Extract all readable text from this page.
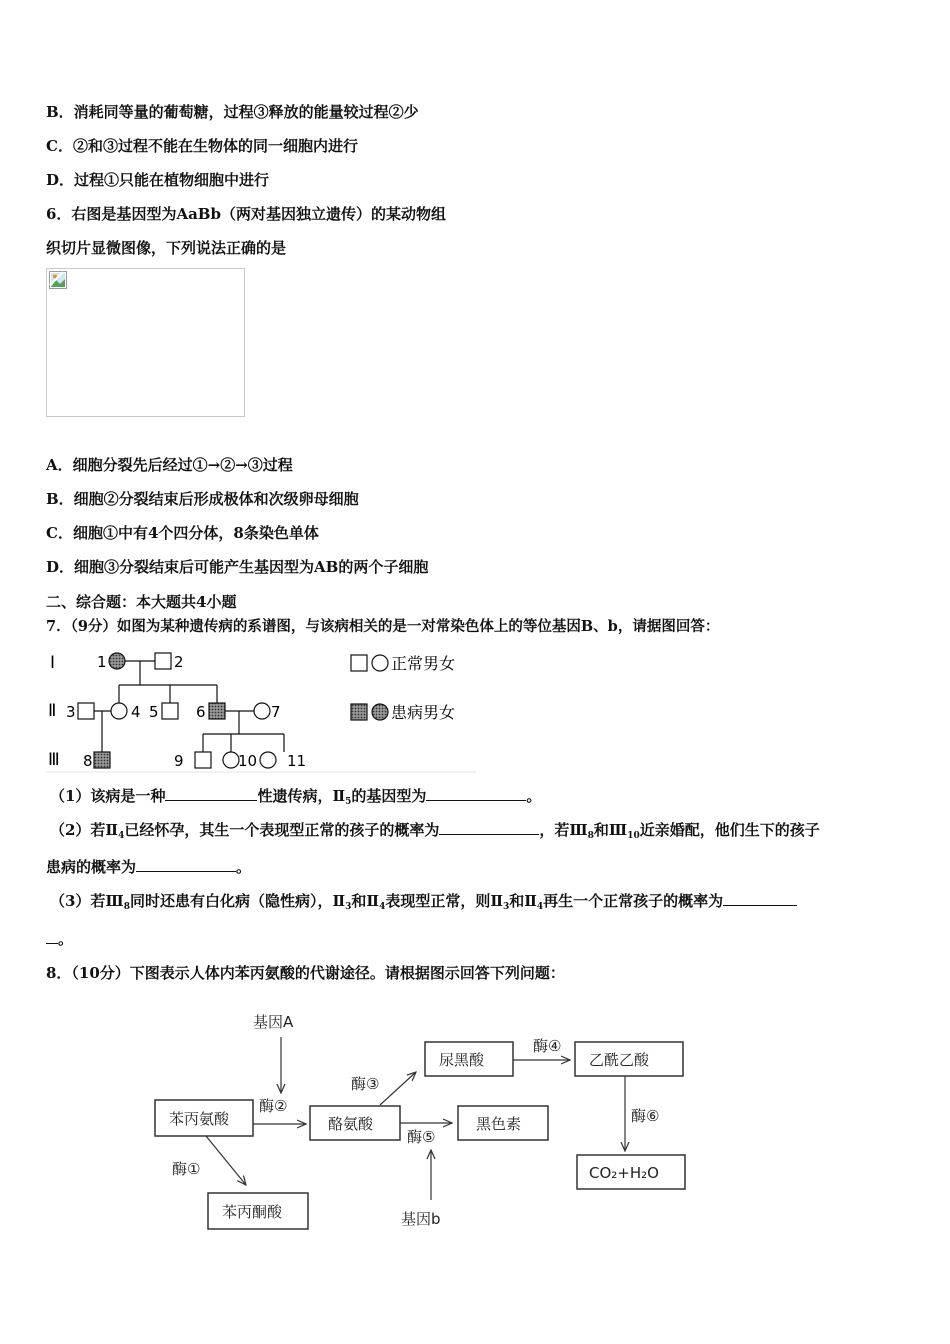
B．消耗同等量的葡萄糖，过程③释放的能量较过程②少
C．②和③过程不能在生物体的同一细胞内进行
D．过程①只能在植物细胞中进行
6．右图是基因型为AaBb（两对基因独立遗传）的某动物组
织切片显微图像，下列说法正确的是
A．细胞分裂先后经过①→②→③过程
B．细胞②分裂结束后形成极体和次级卵母细胞
C．细胞①中有4个四分体，8条染色单体
D．细胞③分裂结束后可能产生基因型为AB的两个子细胞
二、综合题：本大题共4小题
7．（9分）如图为某种遗传病的系谱图，与该病相关的是一对常染色体上的等位基因B、b，请据图回答：
Ⅰ
Ⅱ
Ⅲ
1	2
3	4 5 6	7
8	9	10 11
正常男女
患病男女
（1）该病是一种	性遗传病，$Ⅱ_5$的基因型为	。
（2）若$Ⅱ_4$已经怀孕，其生一个表现型正常的孩子的概率为	，若$Ⅲ_8$和$Ⅲ_{10}$近亲婚配，他们生下的孩子
患病的概率为	。
（3）若$Ⅲ_8$同时还患有白化病（隐性病），$Ⅱ_3$和$Ⅱ_4$表现型正常，则$Ⅱ_3$和$Ⅱ_4$再生一个正常孩子的概率为
。
8．（10分）下图表示人体内苯丙氨酸的代谢途径。请根据图示回答下列问题：
基因A
苯丙氨酸
酶②
酶①
苯丙酮酸
酪氨酸
酶③
尿黑酸
酶④
乙酰乙酸
酶⑥
CO₂+H₂O
酶⑤
黑色素
基因b
